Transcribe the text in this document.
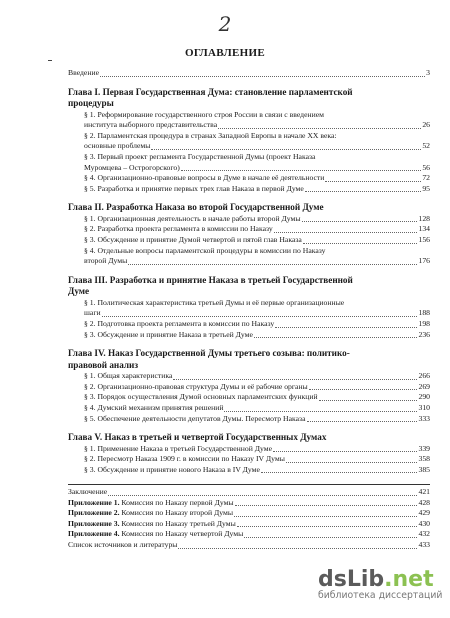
2
ОГЛАВЛЕНИЕ
Введение	3
Глава I. Первая Государственная Дума: становление парламентской
процедуры
§ 1. Реформирование государственного строя России в связи с введением
института выборного представительства	26
§ 2. Парламентская процедура в странах Западной Европы в начале XX века:
основные проблемы	52
§ 3. Первый проект регламента Государственной Думы (проект Наказа
Муромцева – Острогорского)	56
§ 4. Организационно-правовые вопросы в Думе в начале её деятельности	72
§ 5. Разработка и принятие первых трех глав Наказа в первой Думе	95
Глава II. Разработка Наказа во второй Государственной Думе
§ 1. Организационная деятельность в начале работы второй Думы	128
§ 2. Разработка проекта регламента в комиссии по Наказу	134
§ 3. Обсуждение и принятие Думой четвертой и пятой глав Наказа	156
§ 4. Отдельные вопросы парламентской процедуры в комиссии по Наказу
второй Думы	176
Глава III. Разработка и принятие Наказа в третьей Государственной
Думе
§ 1. Политическая характеристика третьей Думы и её первые организационные
шаги	188
§ 2. Подготовка проекта регламента в комиссии по Наказу	198
§ 3. Обсуждение и принятие Наказа в третьей Думе	236
Глава IV. Наказ Государственной Думы третьего созыва: политико-
правовой анализ
§ 1. Общая характеристика	266
§ 2. Организационно-правовая структура Думы и её рабочие органы	269
§ 3. Порядок осуществления Думой основных парламентских функций	290
§ 4. Думский механизм принятия решений	310
§ 5. Обеспечение деятельности депутатов Думы. Пересмотр Наказа	333
Глава V. Наказ в третьей и четвертой Государственных Думах
§ 1. Применение Наказа в третьей Государственной Думе	339
§ 2. Пересмотр Наказа 1909 г. в комиссии по Наказу IV Думы	358
§ 3. Обсуждение и принятие нового Наказа в IV Думе	385
Заключение	421
Приложение 1. Комиссия по Наказу первой Думы	428
Приложение 2. Комиссия по Наказу второй Думы	429
Приложение 3. Комиссия по Наказу третьей Думы	430
Приложение 4. Комиссия по Наказу четвертой Думы	432
Список источников и литературы	433
dsLib.net
библиотека диссертаций
